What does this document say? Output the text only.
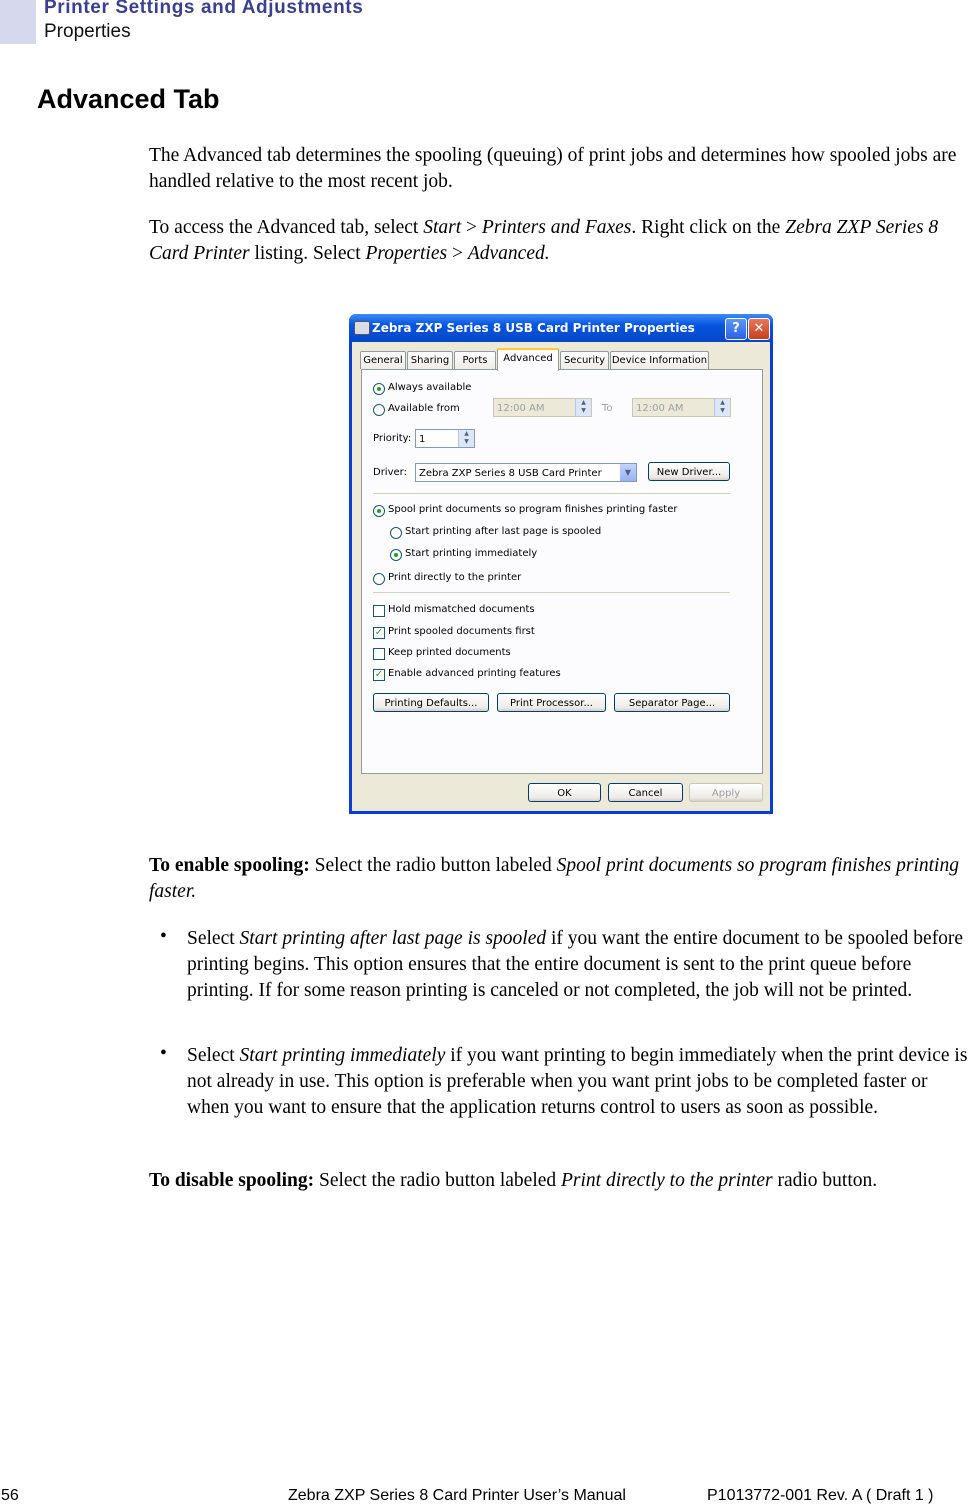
Printer Settings and Adjustments
Properties
Advanced Tab

The Advanced tab determines the spooling (queuing) of print jobs and determines how spooled jobs are handled relative to the most recent job.

To access the Advanced tab, select Start > Printers and Faxes. Right click on the Zebra ZXP Series 8 Card Printer listing. Select Properties > Advanced.

Zebra ZXP Series 8 USB Card Printer Properties	?	✕
General Sharing	Ports	Advanced	Security Device Information
Always available
Available from	12:00 AM
▲
▼	To	12:00 AM
▲
▼
Priority: 1
▲
▼
Driver:	Zebra ZXP Series 8 USB Card Printer	▼	New Driver...
Spool print documents so program finishes printing faster
Start printing after last page is spooled
Start printing immediately
Print directly to the printer
Hold mismatched documents
✓ Print spooled documents first
Keep printed documents
✓ Enable advanced printing features
Printing Defaults...	Print Processor...	Separator Page...
OK	Cancel	Apply

To enable spooling: Select the radio button labeled Spool print documents so program finishes printing faster.

• Select Start printing after last page is spooled if you want the entire document to be spooled before printing begins. This option ensures that the entire document is sent to the print queue before printing. If for some reason printing is canceled or not completed, the job will not be printed.

• Select Start printing immediately if you want printing to begin immediately when the print device is not already in use. This option is preferable when you want print jobs to be completed faster or when you want to ensure that the application returns control to users as soon as possible.

To disable spooling: Select the radio button labeled Print directly to the printer radio button.

56	Zebra ZXP Series 8 Card Printer User’s Manual	P1013772-001 Rev. A ( Draft 1 )
